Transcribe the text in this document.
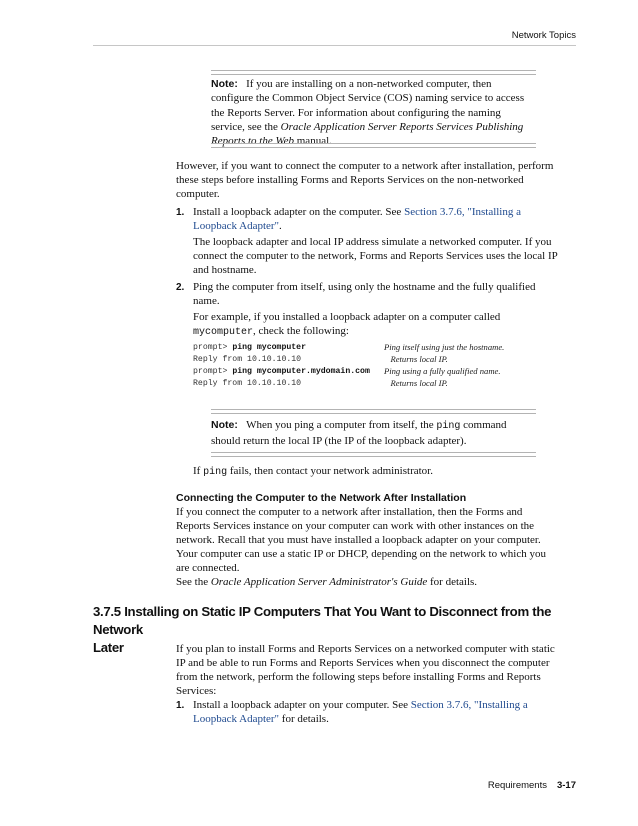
Network Topics
Note: If you are installing on a non-networked computer, then
configure the Common Object Service (COS) naming service to access
the Reports Server. For information about configuring the naming
service, see the Oracle Application Server Reports Services Publishing
Reports to the Web manual.
However, if you want to connect the computer to a network after installation, perform
these steps before installing Forms and Reports Services on the non-networked
computer.
1. Install a loopback adapter on the computer. See Section 3.7.6, "Installing a
Loopback Adapter".
The loopback adapter and local IP address simulate a networked computer. If you
connect the computer to the network, Forms and Reports Services uses the local IP
and hostname.
2. Ping the computer from itself, using only the hostname and the fully qualified
name.
For example, if you installed a loopback adapter on a computer called
mycomputer, check the following:
prompt> ping mycomputer	Ping itself using just the hostname.
Reply from 10.10.10.10	Returns local IP.
prompt> ping mycomputer.mydomain.com Ping using a fully qualified name.
Reply from 10.10.10.10	Returns local IP.
Note: When you ping a computer from itself, the ping command
should return the local IP (the IP of the loopback adapter).
If ping fails, then contact your network administrator.
Connecting the Computer to the Network After Installation
If you connect the computer to a network after installation, then the Forms and
Reports Services instance on your computer can work with other instances on the
network. Recall that you must have installed a loopback adapter on your computer.
Your computer can use a static IP or DHCP, depending on the network to which you
are connected.
See the Oracle Application Server Administrator's Guide for details.
3.7.5 Installing on Static IP Computers That You Want to Disconnect from the Network
Later	If you plan to install Forms and Reports Services on a networked computer with static
IP and be able to run Forms and Reports Services when you disconnect the computer
from the network, perform the following steps before installing Forms and Reports
Services:
1. Install a loopback adapter on your computer. See Section 3.7.6, "Installing a
Loopback Adapter" for details.
Requirements 3-17
